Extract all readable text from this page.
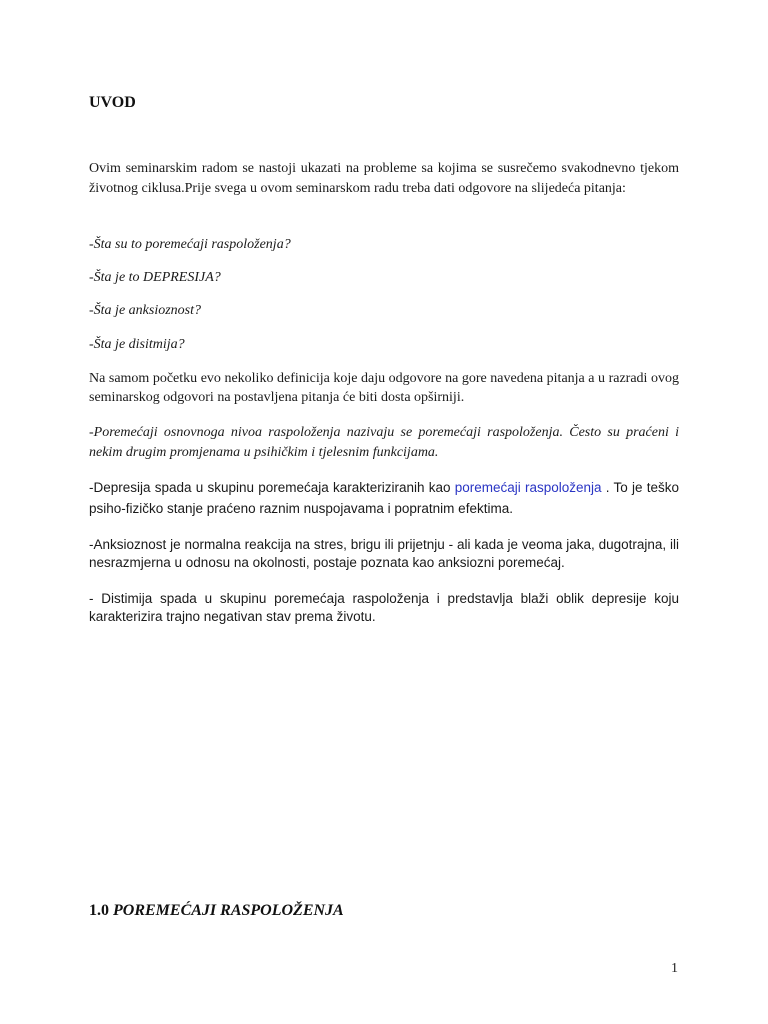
UVOD
Ovim seminarskim radom se nastoji ukazati na probleme sa kojima se susrečemo svakodnevno tjekom životnog ciklusa.Prije svega u ovom seminarskom radu treba dati odgovore na slijedeća pitanja:
-Šta su to poremećaji raspoloženja?
-Šta je to DEPRESIJA?
-Šta je anksioznost?
-Šta je disitmija?
Na samom početku evo nekoliko definicija koje daju odgovore na gore navedena pitanja a u razradi ovog seminarskog odgovori na postavljena pitanja će biti dosta opširniji.
-Poremećaji osnovnoga nivoa raspoloženja nazivaju se poremećaji raspoloženja. Često su praćeni i nekim drugim promjenama u psihičkim i tjelesnim funkcijama.
-Depresija spada u skupinu poremećaja karakteriziranih kao poremećaji raspoloženja . To je teško psiho-fizičko stanje praćeno raznim nuspojavama i popratnim efektima.
-Anksioznost je normalna reakcija na stres, brigu ili prijetnju - ali kada je veoma jaka, dugotrajna, ili nesrazmjerna u odnosu na okolnosti, postaje poznata kao anksiozni poremećaj.
- Distimija spada u skupinu poremećaja raspoloženja i predstavlja blaži oblik depresije koju karakterizira trajno negativan stav prema životu.
1.0 POREMEĆAJI RASPOLOŽENJA
1
